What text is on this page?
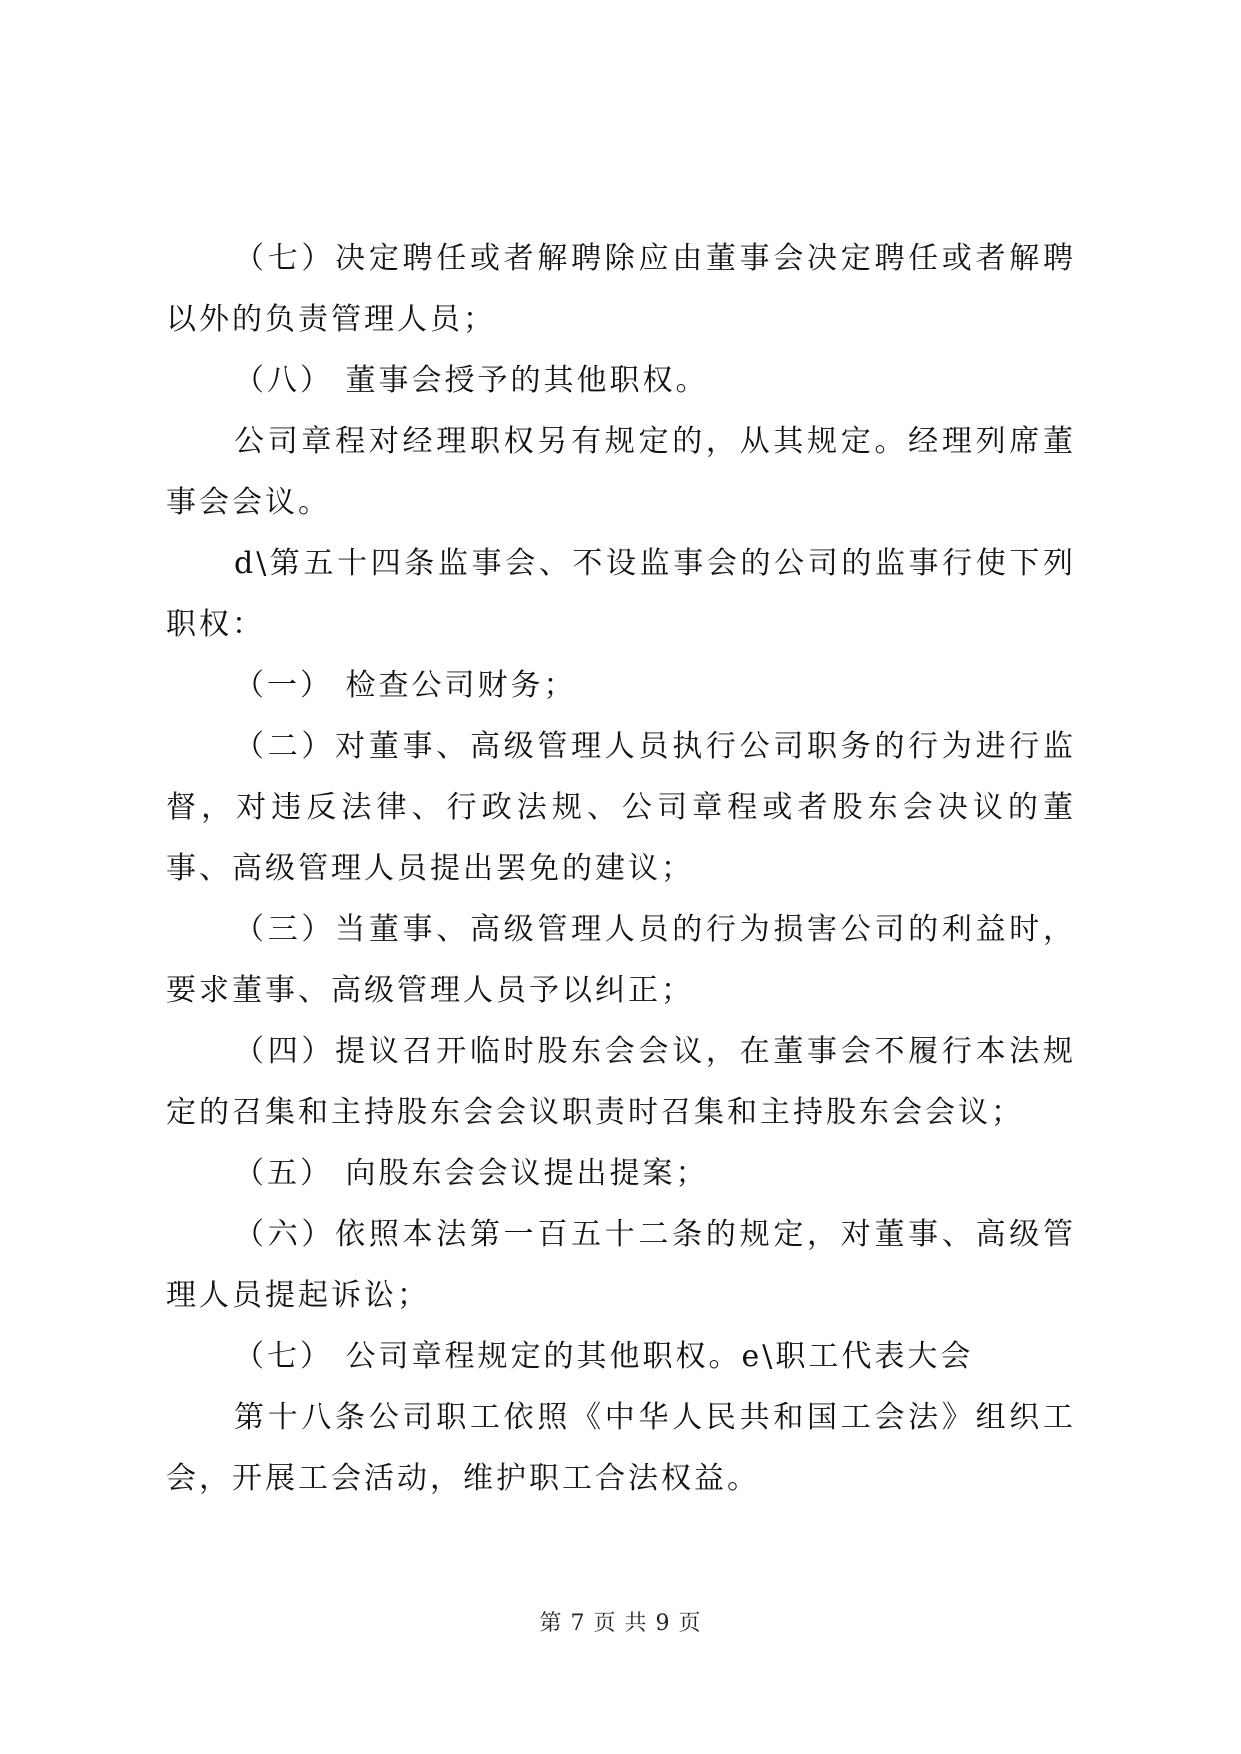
（七）决定聘任或者解聘除应由董事会决定聘任或者解聘以外的负责管理人员；

（八） 董事会授予的其他职权。

公司章程对经理职权另有规定的，从其规定。经理列席董事会会议。

d\第五十四条监事会、不设监事会的公司的监事行使下列职权：

（一） 检查公司财务；

（二）对董事、高级管理人员执行公司职务的行为进行监督，对违反法律、行政法规、公司章程或者股东会决议的董事、高级管理人员提出罢免的建议；

（三）当董事、高级管理人员的行为损害公司的利益时，要求董事、高级管理人员予以纠正；

（四）提议召开临时股东会会议，在董事会不履行本法规定的召集和主持股东会会议职责时召集和主持股东会会议；

（五） 向股东会会议提出提案；

（六）依照本法第一百五十二条的规定，对董事、高级管理人员提起诉讼；

（七） 公司章程规定的其他职权。e\职工代表大会

第十八条公司职工依照《中华人民共和国工会法》组织工会，开展工会活动，维护职工合法权益。

第 7 页 共 9 页
